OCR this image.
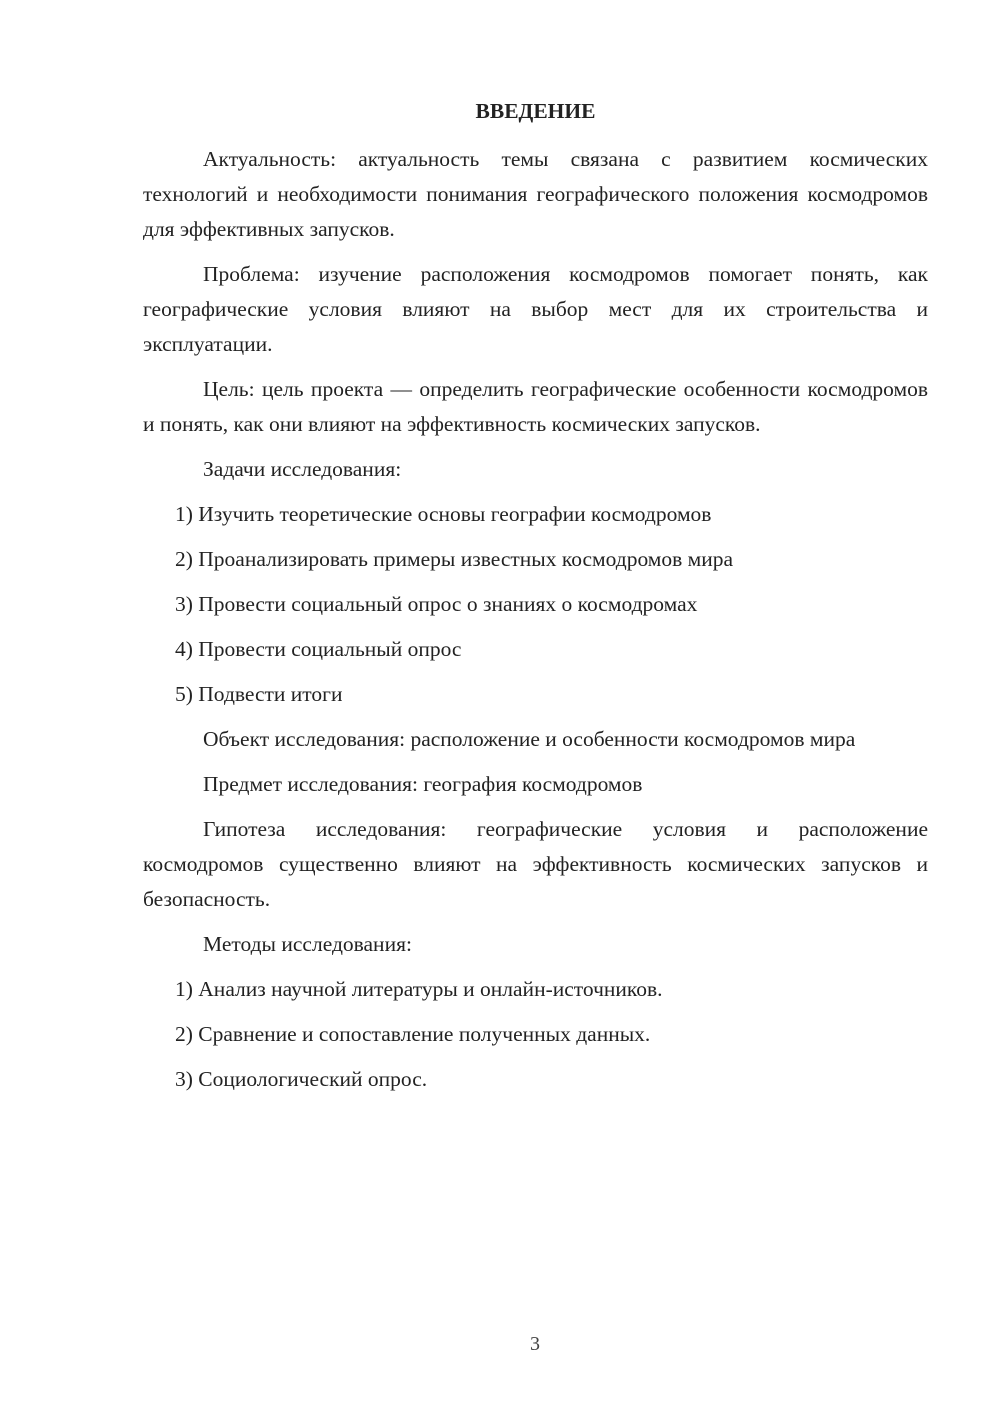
ВВЕДЕНИЕ

Актуальность: актуальность темы связана с развитием космических технологий и необходимости понимания географического положения космодромов для эффективных запусков.

Проблема: изучение расположения космодромов помогает понять, как географические условия влияют на выбор мест для их строительства и эксплуатации.

Цель: цель проекта — определить географические особенности космодромов и понять, как они влияют на эффективность космических запусков.

Задачи исследования:

1) Изучить теоретические основы географии космодромов

2) Проанализировать примеры известных космодромов мира

3) Провести социальный опрос о знаниях о космодромах

4) Провести социальный опрос

5) Подвести итоги

Объект исследования: расположение и особенности космодромов мира

Предмет исследования: география космодромов

Гипотеза исследования: географические условия и расположение космодромов существенно влияют на эффективность космических запусков и безопасность.

Методы исследования:

1) Анализ научной литературы и онлайн-источников.

2) Сравнение и сопоставление полученных данных.

3) Социологический опрос.

3
